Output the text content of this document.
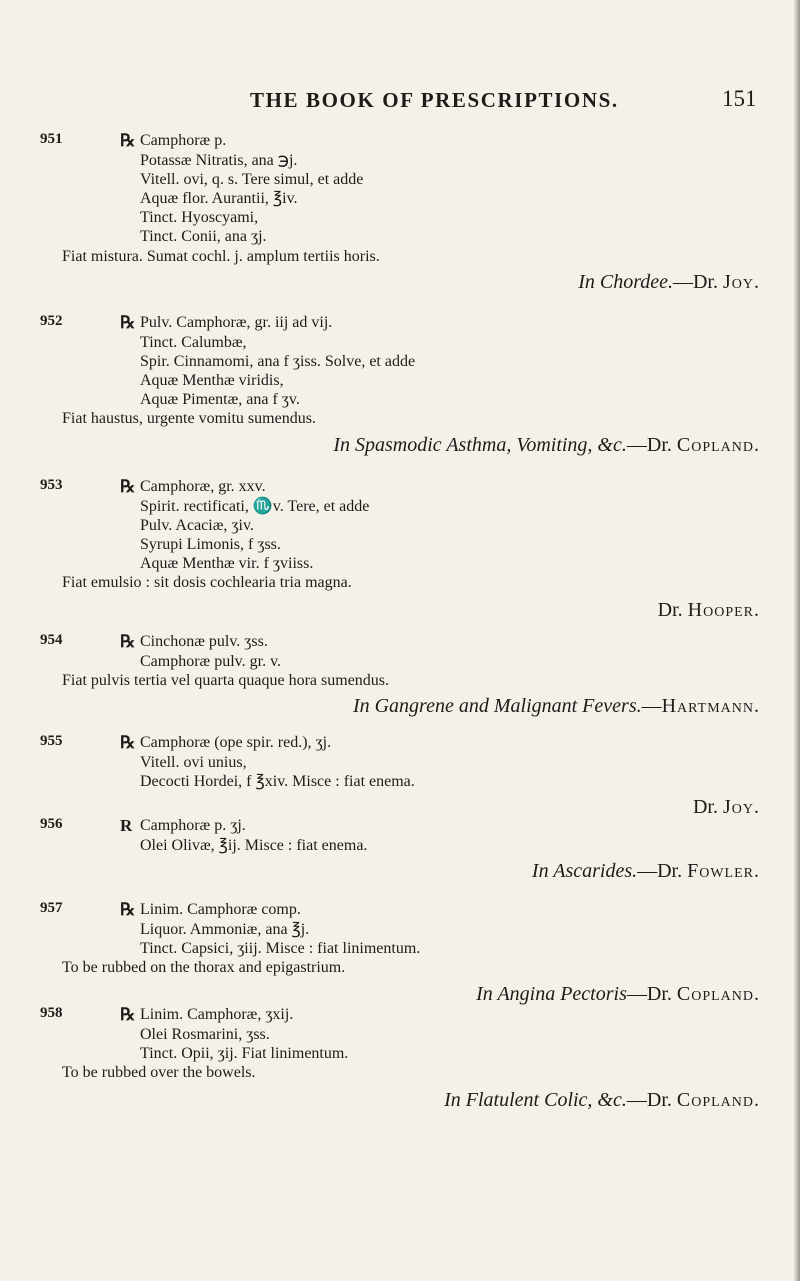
THE BOOK OF PRESCRIPTIONS.	151
951	℞ Camphoræ p.
Potassæ Nitratis, ana ℈j.
Vitell. ovi, q. s. Tere simul, et adde
Aquæ flor. Aurantii, ℥iv.
Tinct. Hyoscyami,
Tinct. Conii, ana ʒj.
Fiat mistura. Sumat cochl. j. amplum tertiis horis.
In Chordee.—Dr. Joy.
952	℞ Pulv. Camphoræ, gr. iij ad vij.
Tinct. Calumbæ,
Spir. Cinnamomi, ana f ʒiss. Solve, et adde
Aquæ Menthæ viridis,
Aquæ Pimentæ, ana f ʒv.
Fiat haustus, urgente vomitu sumendus.
In Spasmodic Asthma, Vomiting, &c.—Dr. Copland.
953	℞ Camphoræ, gr. xxv.
Spirit. rectificati, ♏v. Tere, et adde
Pulv. Acaciæ, ʒiv.
Syrupi Limonis, f ʒss.
Aquæ Menthæ vir. f ʒviiss.
Fiat emulsio : sit dosis cochlearia tria magna.
Dr. Hooper.
954	℞ Cinchonæ pulv. ʒss.
Camphoræ pulv. gr. v.
Fiat pulvis tertia vel quarta quaque hora sumendus.
In Gangrene and Malignant Fevers.—Hartmann.
955	℞ Camphoræ (ope spir. red.), ʒj.
Vitell. ovi unius,
Decocti Hordei, f ℥xiv. Misce : fiat enema.
Dr. Joy.
956	R Camphoræ p. ʒj.
Olei Olivæ, ℥ij. Misce : fiat enema.
In Ascarides.—Dr. Fowler.
957	℞ Linim. Camphoræ comp.
Liquor. Ammoniæ, ana ℥j.
Tinct. Capsici, ʒiij. Misce : fiat linimentum.
To be rubbed on the thorax and epigastrium.
In Angina Pectoris—Dr. Copland.
958	℞ Linim. Camphoræ, ʒxij.
Olei Rosmarini, ʒss.
Tinct. Opii, ʒij. Fiat linimentum.
To be rubbed over the bowels.
In Flatulent Colic, &c.—Dr. Copland.
